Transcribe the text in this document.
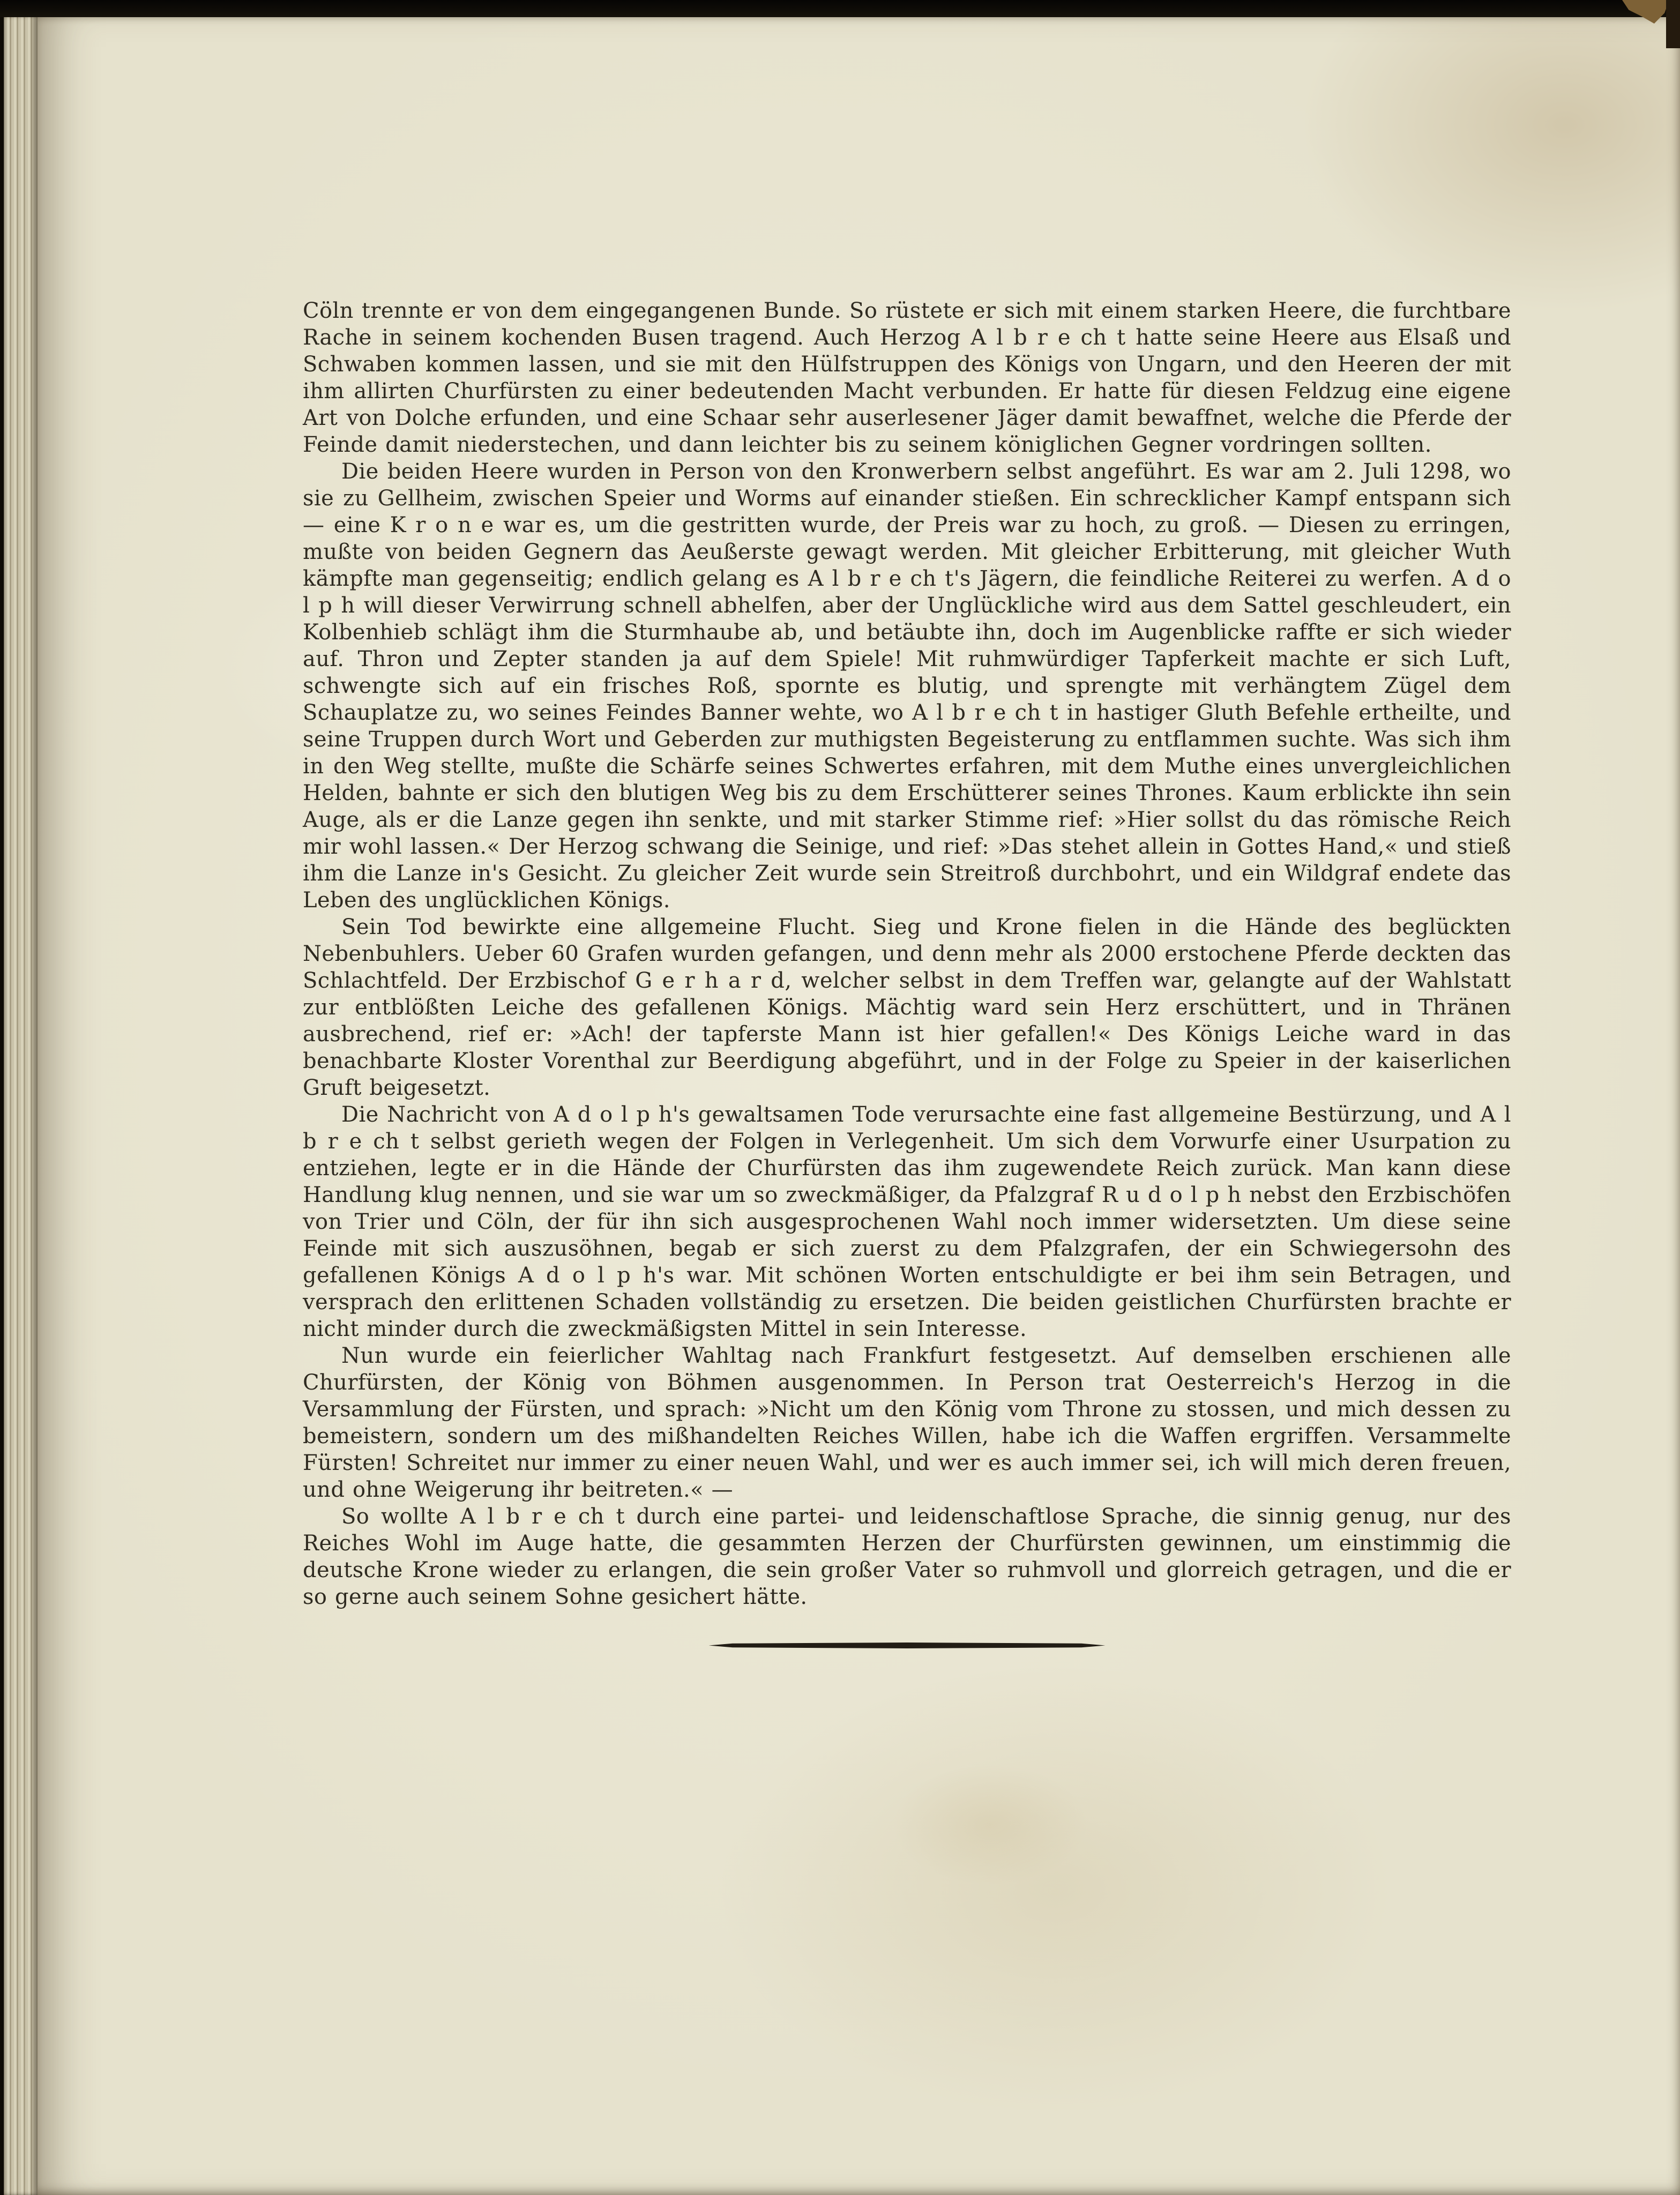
Cöln trennte er von dem eingegangenen Bunde. So rüstete er sich mit einem starken Heere, die furchtbare Rache in seinem kochenden Busen tragend. Auch Herzog A l b r e ch t hatte seine Heere aus Elsaß und Schwaben kommen lassen, und sie mit den Hülfstruppen des Königs von Ungarn, und den Heeren der mit ihm allirten Churfürsten zu einer bedeutenden Macht verbunden. Er hatte für diesen Feldzug eine eigene Art von Dolche erfunden, und eine Schaar sehr auserlesener Jäger damit bewaffnet, welche die Pferde der Feinde damit niederstechen, und dann leichter bis zu seinem königlichen Gegner vordringen sollten.

Die beiden Heere wurden in Person von den Kronwerbern selbst angeführt. Es war am 2. Juli 1298, wo sie zu Gellheim, zwischen Speier und Worms auf einander stießen. Ein schrecklicher Kampf entspann sich — eine K r o n e war es, um die gestritten wurde, der Preis war zu hoch, zu groß. — Diesen zu erringen, mußte von beiden Gegnern das Aeußerste gewagt werden. Mit gleicher Erbitterung, mit gleicher Wuth kämpfte man gegenseitig; endlich gelang es A l b r e ch t's Jägern, die feindliche Reiterei zu werfen. A d o l p h will dieser Verwirrung schnell abhelfen, aber der Unglückliche wird aus dem Sattel geschleudert, ein Kolbenhieb schlägt ihm die Sturmhaube ab, und betäubte ihn, doch im Augenblicke raffte er sich wieder auf. Thron und Zepter standen ja auf dem Spiele! Mit ruhmwürdiger Tapferkeit machte er sich Luft, schwengte sich auf ein frisches Roß, spornte es blutig, und sprengte mit verhängtem Zügel dem Schauplatze zu, wo seines Feindes Banner wehte, wo A l b r e ch t in hastiger Gluth Befehle ertheilte, und seine Truppen durch Wort und Geberden zur muthigsten Begeisterung zu entflammen suchte. Was sich ihm in den Weg stellte, mußte die Schärfe seines Schwertes erfahren, mit dem Muthe eines unvergleichlichen Helden, bahnte er sich den blutigen Weg bis zu dem Erschütterer seines Thrones. Kaum erblickte ihn sein Auge, als er die Lanze gegen ihn senkte, und mit starker Stimme rief: »Hier sollst du das römische Reich mir wohl lassen.« Der Herzog schwang die Seinige, und rief: »Das stehet allein in Gottes Hand,« und stieß ihm die Lanze in's Gesicht. Zu gleicher Zeit wurde sein Streitroß durchbohrt, und ein Wildgraf endete das Leben des unglücklichen Königs.

Sein Tod bewirkte eine allgemeine Flucht. Sieg und Krone fielen in die Hände des beglückten Nebenbuhlers. Ueber 60 Grafen wurden gefangen, und denn mehr als 2000 erstochene Pferde deckten das Schlachtfeld. Der Erzbischof G e r h a r d, welcher selbst in dem Treffen war, gelangte auf der Wahlstatt zur entblößten Leiche des gefallenen Königs. Mächtig ward sein Herz erschüttert, und in Thränen ausbrechend, rief er: »Ach! der tapferste Mann ist hier gefallen!« Des Königs Leiche ward in das benachbarte Kloster Vorenthal zur Beerdigung abgeführt, und in der Folge zu Speier in der kaiserlichen Gruft beigesetzt.

Die Nachricht von A d o l p h's gewaltsamen Tode verursachte eine fast allgemeine Bestürzung, und A l b r e ch t selbst gerieth wegen der Folgen in Verlegenheit. Um sich dem Vorwurfe einer Usurpation zu entziehen, legte er in die Hände der Churfürsten das ihm zugewendete Reich zurück. Man kann diese Handlung klug nennen, und sie war um so zweckmäßiger, da Pfalzgraf R u d o l p h nebst den Erzbischöfen von Trier und Cöln, der für ihn sich ausgesprochenen Wahl noch immer widersetzten. Um diese seine Feinde mit sich auszusöhnen, begab er sich zuerst zu dem Pfalzgrafen, der ein Schwiegersohn des gefallenen Königs A d o l p h's war. Mit schönen Worten entschuldigte er bei ihm sein Betragen, und versprach den erlittenen Schaden vollständig zu ersetzen. Die beiden geistlichen Churfürsten brachte er nicht minder durch die zweckmäßigsten Mittel in sein Interesse.

Nun wurde ein feierlicher Wahltag nach Frankfurt festgesetzt. Auf demselben erschienen alle Churfürsten, der König von Böhmen ausgenommen. In Person trat Oesterreich's Herzog in die Versammlung der Fürsten, und sprach: »Nicht um den König vom Throne zu stossen, und mich dessen zu bemeistern, sondern um des mißhandelten Reiches Willen, habe ich die Waffen ergriffen. Versammelte Fürsten! Schreitet nur immer zu einer neuen Wahl, und wer es auch immer sei, ich will mich deren freuen, und ohne Weigerung ihr beitreten.« —

So wollte A l b r e ch t durch eine partei- und leidenschaftlose Sprache, die sinnig genug, nur des Reiches Wohl im Auge hatte, die gesammten Herzen der Churfürsten gewinnen, um einstimmig die deutsche Krone wieder zu erlangen, die sein großer Vater so ruhmvoll und glorreich getragen, und die er so gerne auch seinem Sohne gesichert hätte.
